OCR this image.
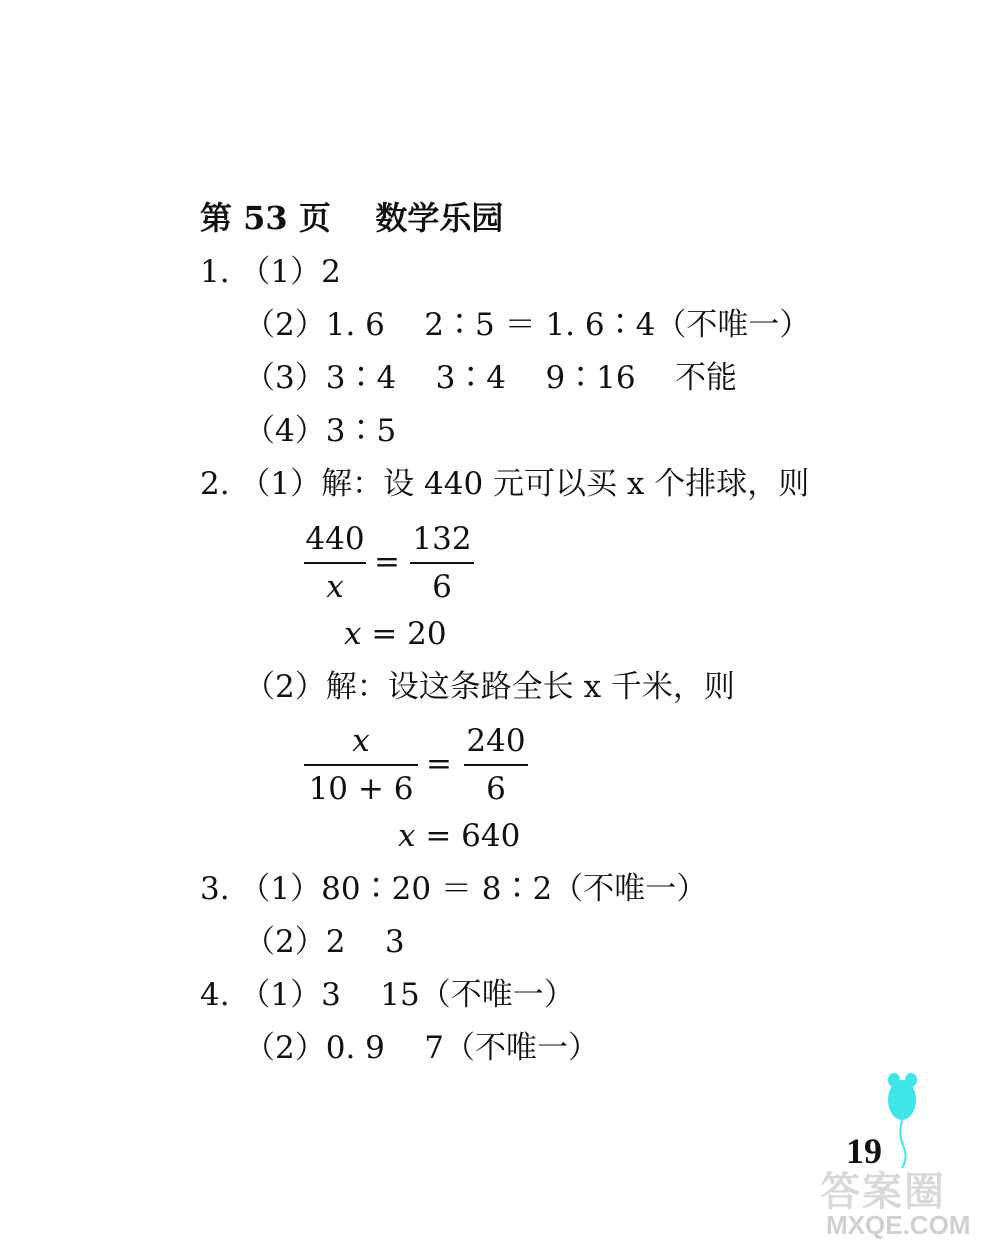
第 53 页    数学乐园
1. （1）2
（2）1. 6    2∶5 ＝ 1. 6∶4（不唯一）
（3）3∶4    3∶4    9∶16    不能
（4）3∶5
2. （1）解：设 440 元可以买 x 个排球，则
440
x
=
132
6
x = 20
（2）解：设这条路全长 x 千米，则
x
10 + 6
=
240
6
x = 640
3. （1）80∶20 ＝ 8∶2（不唯一）
（2）2    3
4. （1）3    15（不唯一）
（2）0. 9    7（不唯一）
19
答案圈
MXQE.COM
